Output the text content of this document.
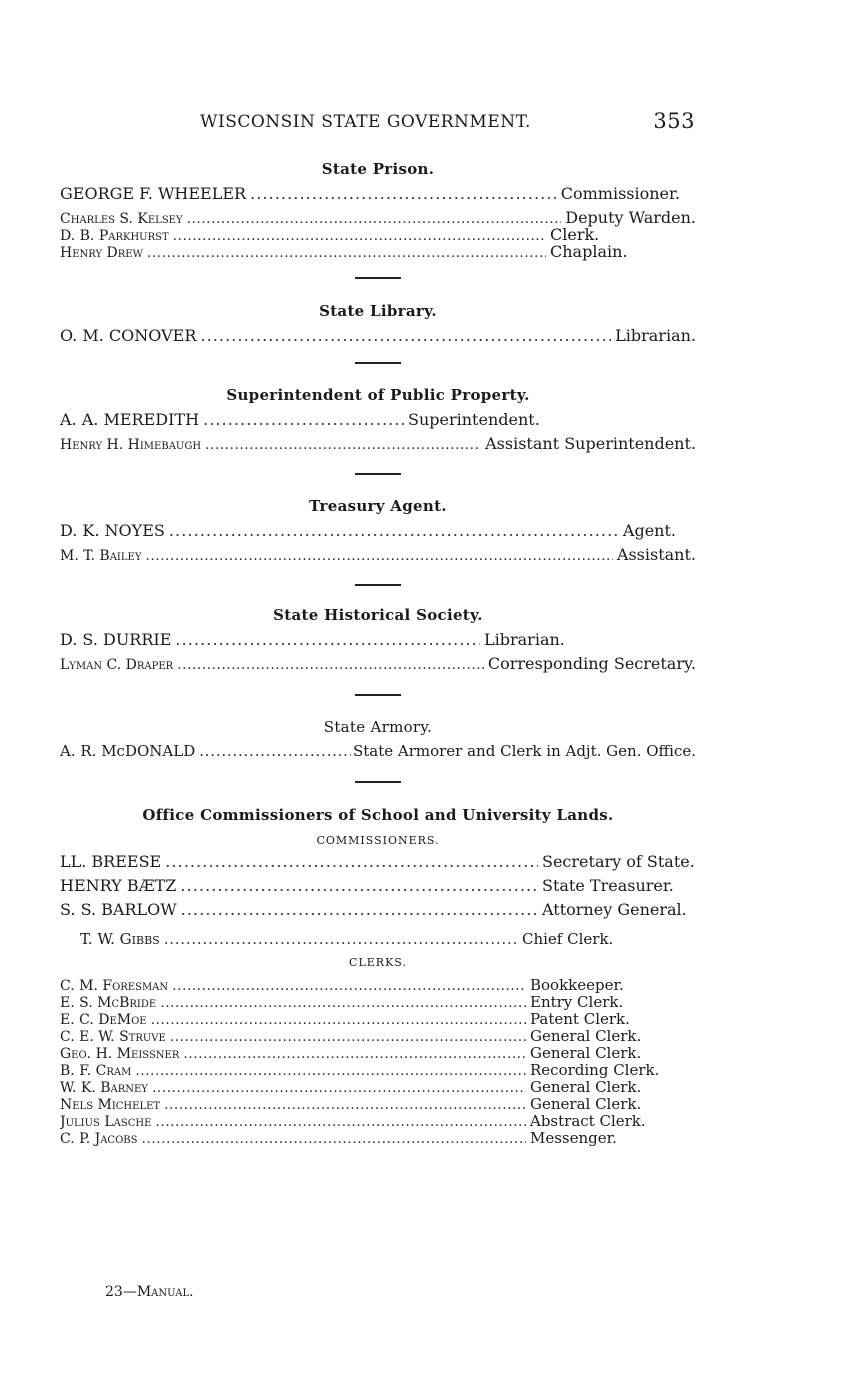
WISCONSIN STATE GOVERNMENT.	353
State Prison.
GEORGE F. WHEELER . . .	Commissioner.
Charles S. Kelsey . . .	Deputy Warden.
D. B. Parkhurst . . .	Clerk.
Henry Drew . . .	Chaplain.
State Library.
O. M. CONOVER . . .	Librarian.
Superintendent of Public Property.
A. A. MEREDITH . . .	Superintendent.
Henry H. Himebaugh . . .	Assistant Superintendent.
Treasury Agent.
D. K. NOYES . . .	Agent.
M. T. Bailey . . .	Assistant.
State Historical Society.
D. S. DURRIE . . .	Librarian.
Lyman C. Draper . . .	Corresponding Secretary.
State Armory.
A. R. McDONALD . . .	State Armorer and Clerk in Adjt. Gen. Office.
Office Commissioners of School and University Lands.
COMMISSIONERS.
LL. BREESE . . .	Secretary of State.
HENRY BÆTZ . . .	State Treasurer.
S. S. BARLOW . . .	Attorney General.
T. W. Gibbs . . .	Chief Clerk.
CLERKS.
C. M. Foresman . . .	Bookkeeper.
E. S. McBride . . .	Entry Clerk.
E. C. DeMoe . . .	Patent Clerk.
C. E. W. Struve . . .	General Clerk.
Geo. H. Meissner . . .	General Clerk.
B. F. Cram . . .	Recording Clerk.
W. K. Barney . . .	General Clerk.
Nels Michelet . . .	General Clerk.
Julius Lasche . . .	Abstract Clerk.
C. P. Jacobs . . .	Messenger.
23—Manual.
